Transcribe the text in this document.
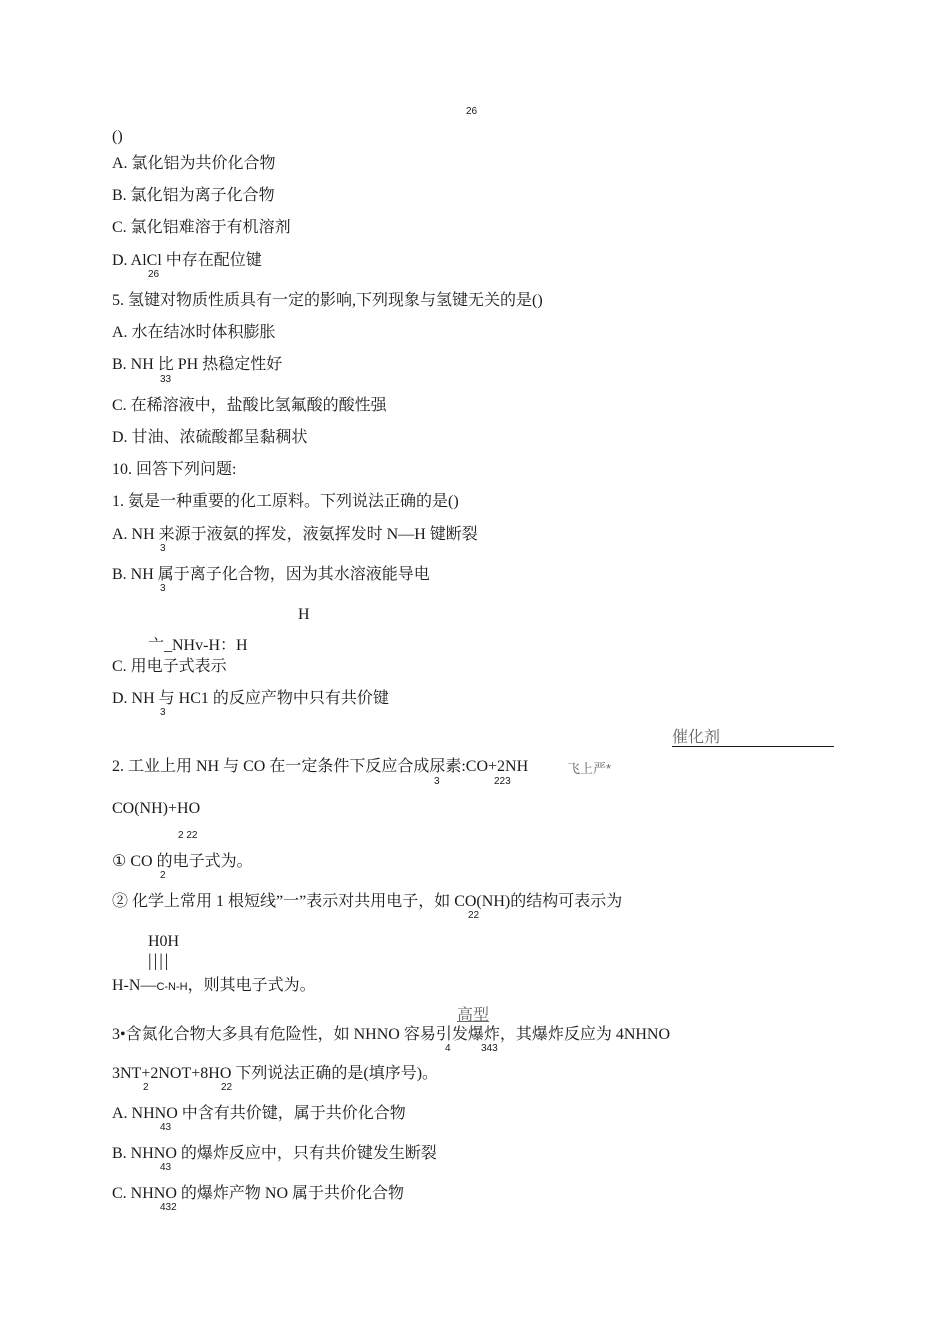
26
()
A. 氯化铝为共价化合物
B. 氯化铝为离子化合物
C. 氯化铝难溶于有机溶剂
D. AlCl 中存在配位键
26
5. 氢键对物质性质具有一定的影响,下列现象与氢键无关的是()
A. 水在结冰时体积膨胀
B. NH 比 PH 热稳定性好
33
C. 在稀溶液中，盐酸比氢氟酸的酸性强
D. 甘油、浓硫酸都呈黏稠状
10. 回答下列问题:
1. 氨是一种重要的化工原料。下列说法正确的是()
A. NH 来源于液氨的挥发，液氨挥发时 N—H 键断裂
3
B. NH 属于离子化合物，因为其水溶液能导电
3
H
亠_NHv-H：H
C. 用电子式表示
D. NH 与 HC1 的反应产物中只有共价键
3
催化剂
2. 工业上用 NH 与 CO 在一定条件下反应合成尿素:CO+2NH	飞上严*
3	223
CO(NH)+HO
2 22
① CO 的电子式为。
2
② 化学上常用 1 根短线”一”表示对共用电子，如 CO(NH)的结构可表示为
22
H0H
||||
H-N—C-N-H，则其电子式为。
高型
3•含氮化合物大多具有危险性，如 NHNO 容易引发爆炸，其爆炸反应为 4NHNO
4	343
3NT+2NOT+8HO 下列说法正确的是(填序号)。
2	22
A. NHNO 中含有共价键，属于共价化合物
43
B. NHNO 的爆炸反应中，只有共价键发生断裂
43
C. NHNO 的爆炸产物 NO 属于共价化合物
432
